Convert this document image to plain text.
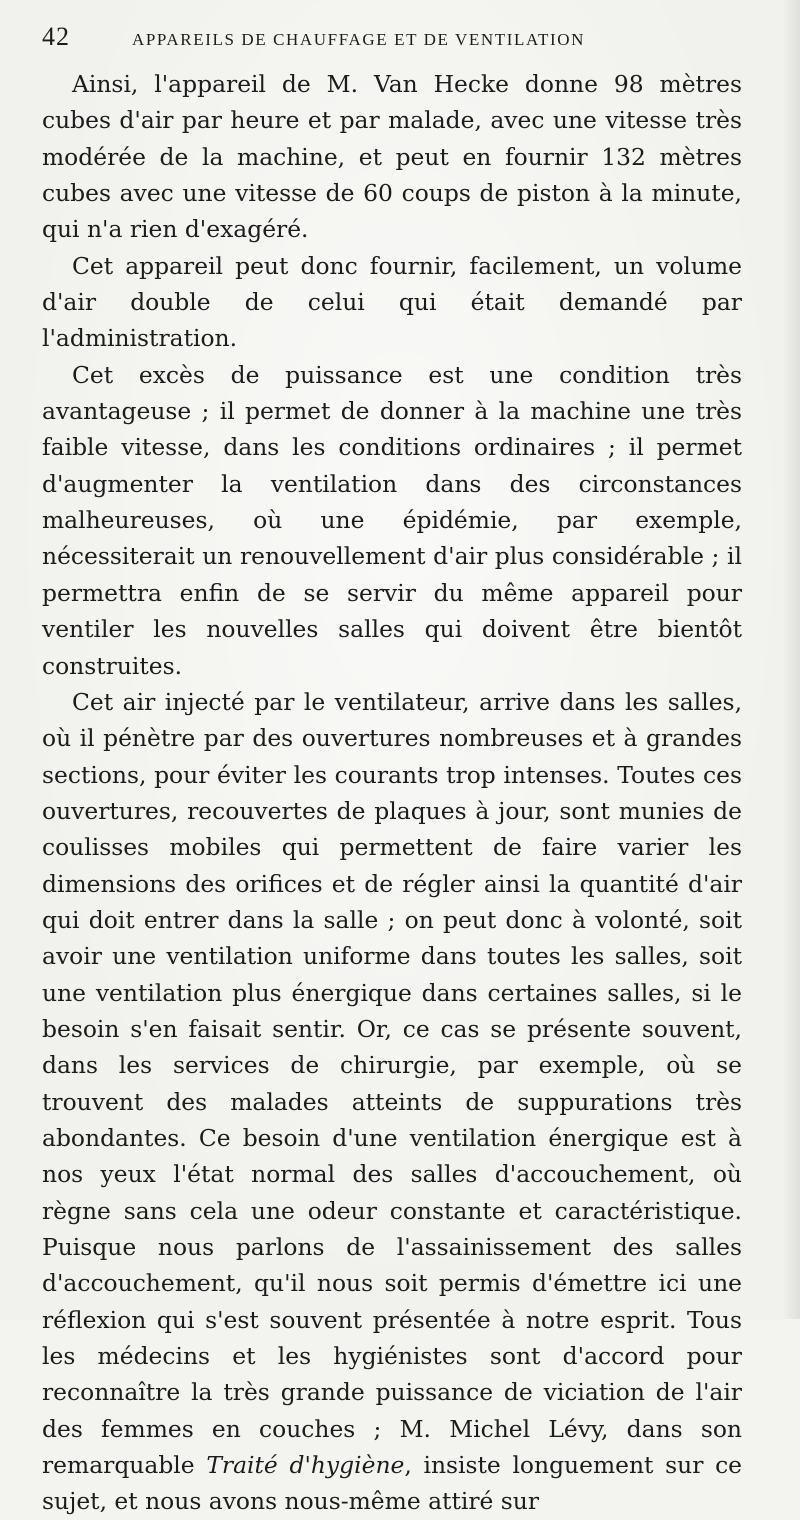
42	APPAREILS DE CHAUFFAGE ET DE VENTILATION

Ainsi, l'appareil de M. Van Hecke donne 98 mètres cubes d'air par heure et par malade, avec une vitesse très modérée de la machine, et peut en fournir 132 mètres cubes avec une vitesse de 60 coups de piston à la minute, qui n'a rien d'exagéré.

Cet appareil peut donc fournir, facilement, un volume d'air double de celui qui était demandé par l'administration.

Cet excès de puissance est une condition très avantageuse ; il permet de donner à la machine une très faible vitesse, dans les conditions ordinaires ; il permet d'augmenter la ventilation dans des circonstances malheureuses, où une épidémie, par exemple, nécessiterait un renouvellement d'air plus considérable ; il permettra enfin de se servir du même appareil pour ventiler les nouvelles salles qui doivent être bientôt construites.

Cet air injecté par le ventilateur, arrive dans les salles, où il pénètre par des ouvertures nombreuses et à grandes sections, pour éviter les courants trop intenses. Toutes ces ouvertures, recouvertes de plaques à jour, sont munies de coulisses mobiles qui permettent de faire varier les dimensions des orifices et de régler ainsi la quantité d'air qui doit entrer dans la salle ; on peut donc à volonté, soit avoir une ventilation uniforme dans toutes les salles, soit une ventilation plus énergique dans certaines salles, si le besoin s'en faisait sentir. Or, ce cas se présente souvent, dans les services de chirurgie, par exemple, où se trouvent des malades atteints de suppurations très abondantes. Ce besoin d'une ventilation énergique est à nos yeux l'état normal des salles d'accouchement, où règne sans cela une odeur constante et caractéristique. Puisque nous parlons de l'assainissement des salles d'accouchement, qu'il nous soit permis d'émettre ici une réflexion qui s'est souvent présentée à notre esprit. Tous les médecins et les hygiénistes sont d'accord pour reconnaître la très grande puissance de viciation de l'air des femmes en couches ; M. Michel Lévy, dans son remarquable Traité d'hygiène, insiste longuement sur ce sujet, et nous avons nous-même attiré sur
